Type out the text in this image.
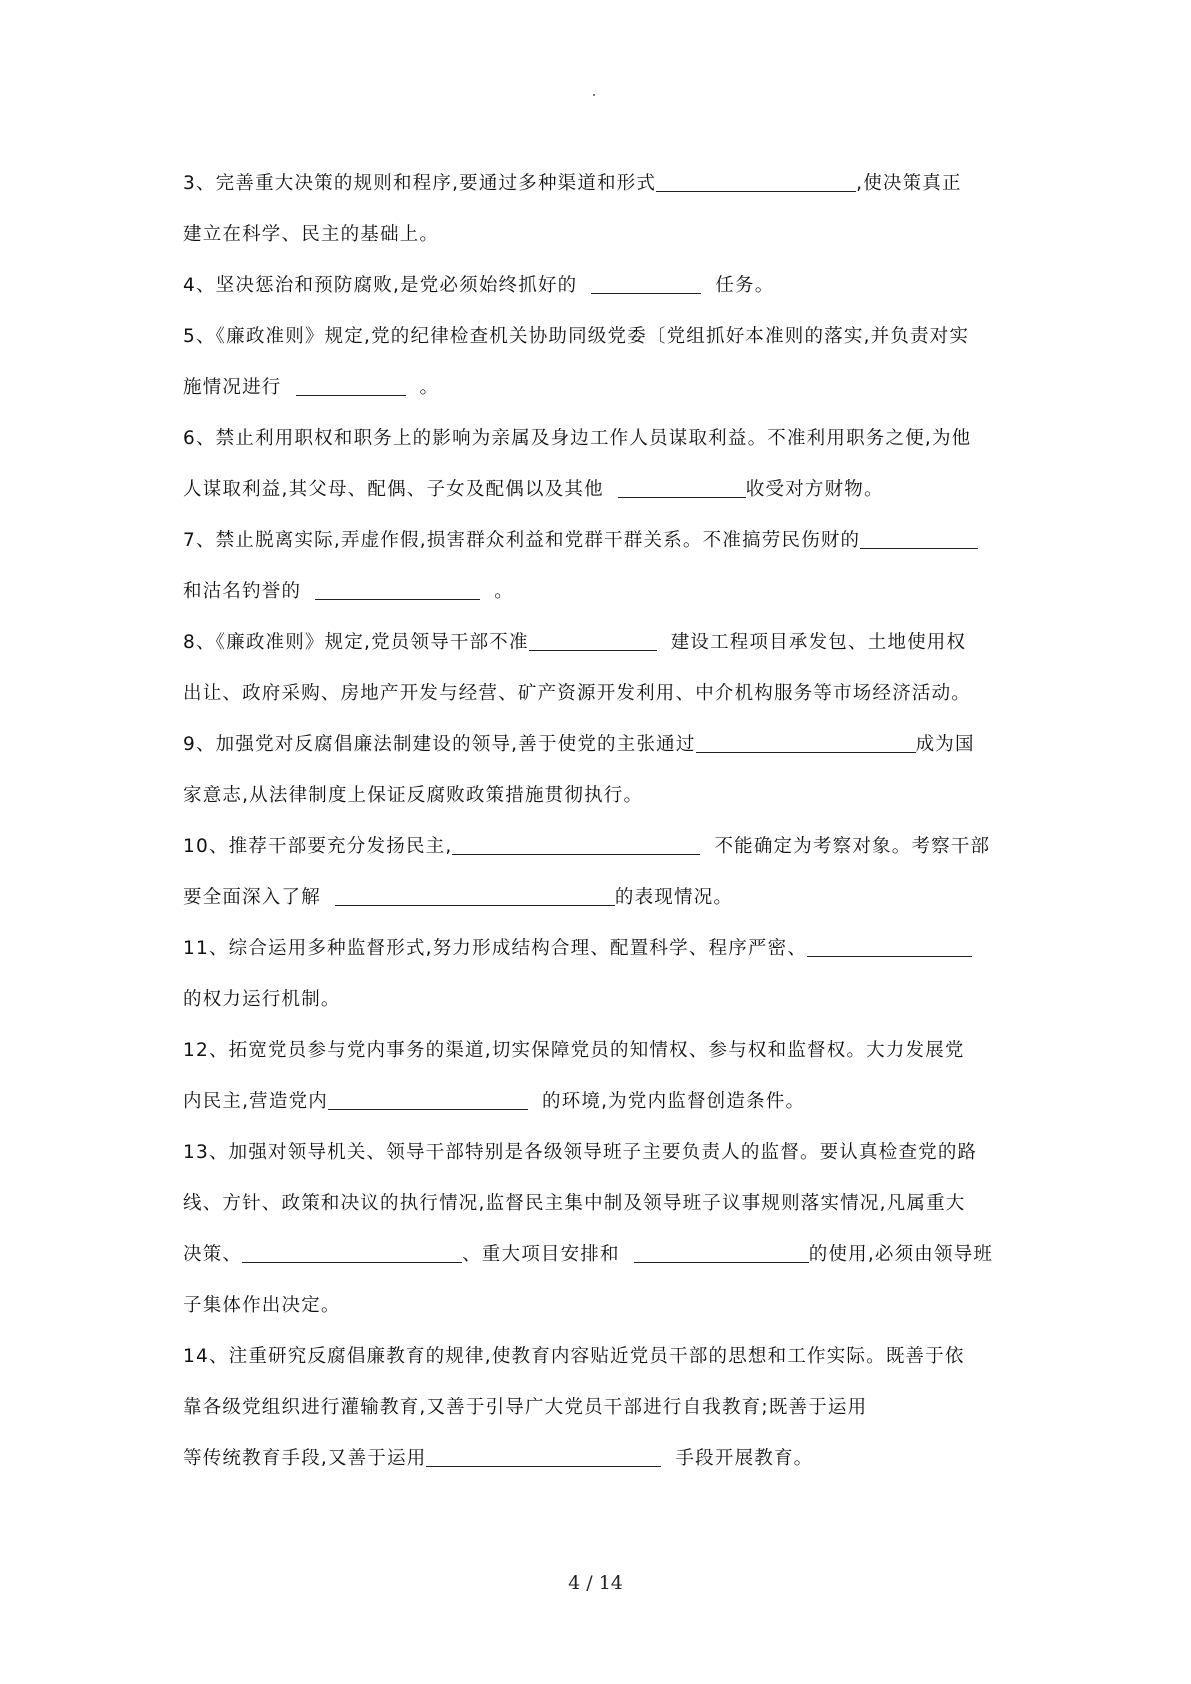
3、完善重大决策的规则和程序,要通过多种渠道和形式	,使决策真正

建立在科学、民主的基础上。

4、坚决惩治和预防腐败,是党必须始终抓好的	任务。

5、《廉政准则》规定,党的纪律检查机关协助同级党委〔党组抓好本准则的落实,并负责对实

施情况进行	。

6、禁止利用职权和职务上的影响为亲属及身边工作人员谋取利益。不准利用职务之便,为他

人谋取利益,其父母、配偶、子女及配偶以及其他	收受对方财物。

7、禁止脱离实际,弄虚作假,损害群众利益和党群干群关系。不准搞劳民伤财的

和沽名钓誉的	。

8、《廉政准则》规定,党员领导干部不准	建设工程项目承发包、土地使用权

出让、政府采购、房地产开发与经营、矿产资源开发利用、中介机构服务等市场经济活动。

9、加强党对反腐倡廉法制建设的领导,善于使党的主张通过	成为国

家意志,从法律制度上保证反腐败政策措施贯彻执行。

10、推荐干部要充分发扬民主,	不能确定为考察对象。考察干部

要全面深入了解	的表现情况。

11、综合运用多种监督形式,努力形成结构合理、配置科学、程序严密、

的权力运行机制。

12、拓宽党员参与党内事务的渠道,切实保障党员的知情权、参与权和监督权。大力发展党

内民主,营造党内	的环境,为党内监督创造条件。

13、加强对领导机关、领导干部特别是各级领导班子主要负责人的监督。要认真检查党的路

线、方针、政策和决议的执行情况,监督民主集中制及领导班子议事规则落实情况,凡属重大

决策、	、重大项目安排和	的使用,必须由领导班

子集体作出决定。

14、注重研究反腐倡廉教育的规律,使教育内容贴近党员干部的思想和工作实际。既善于依

靠各级党组织进行灌输教育,又善于引导广大党员干部进行自我教育;既善于运用

等传统教育手段,又善于运用	手段开展教育。

4 / 14
